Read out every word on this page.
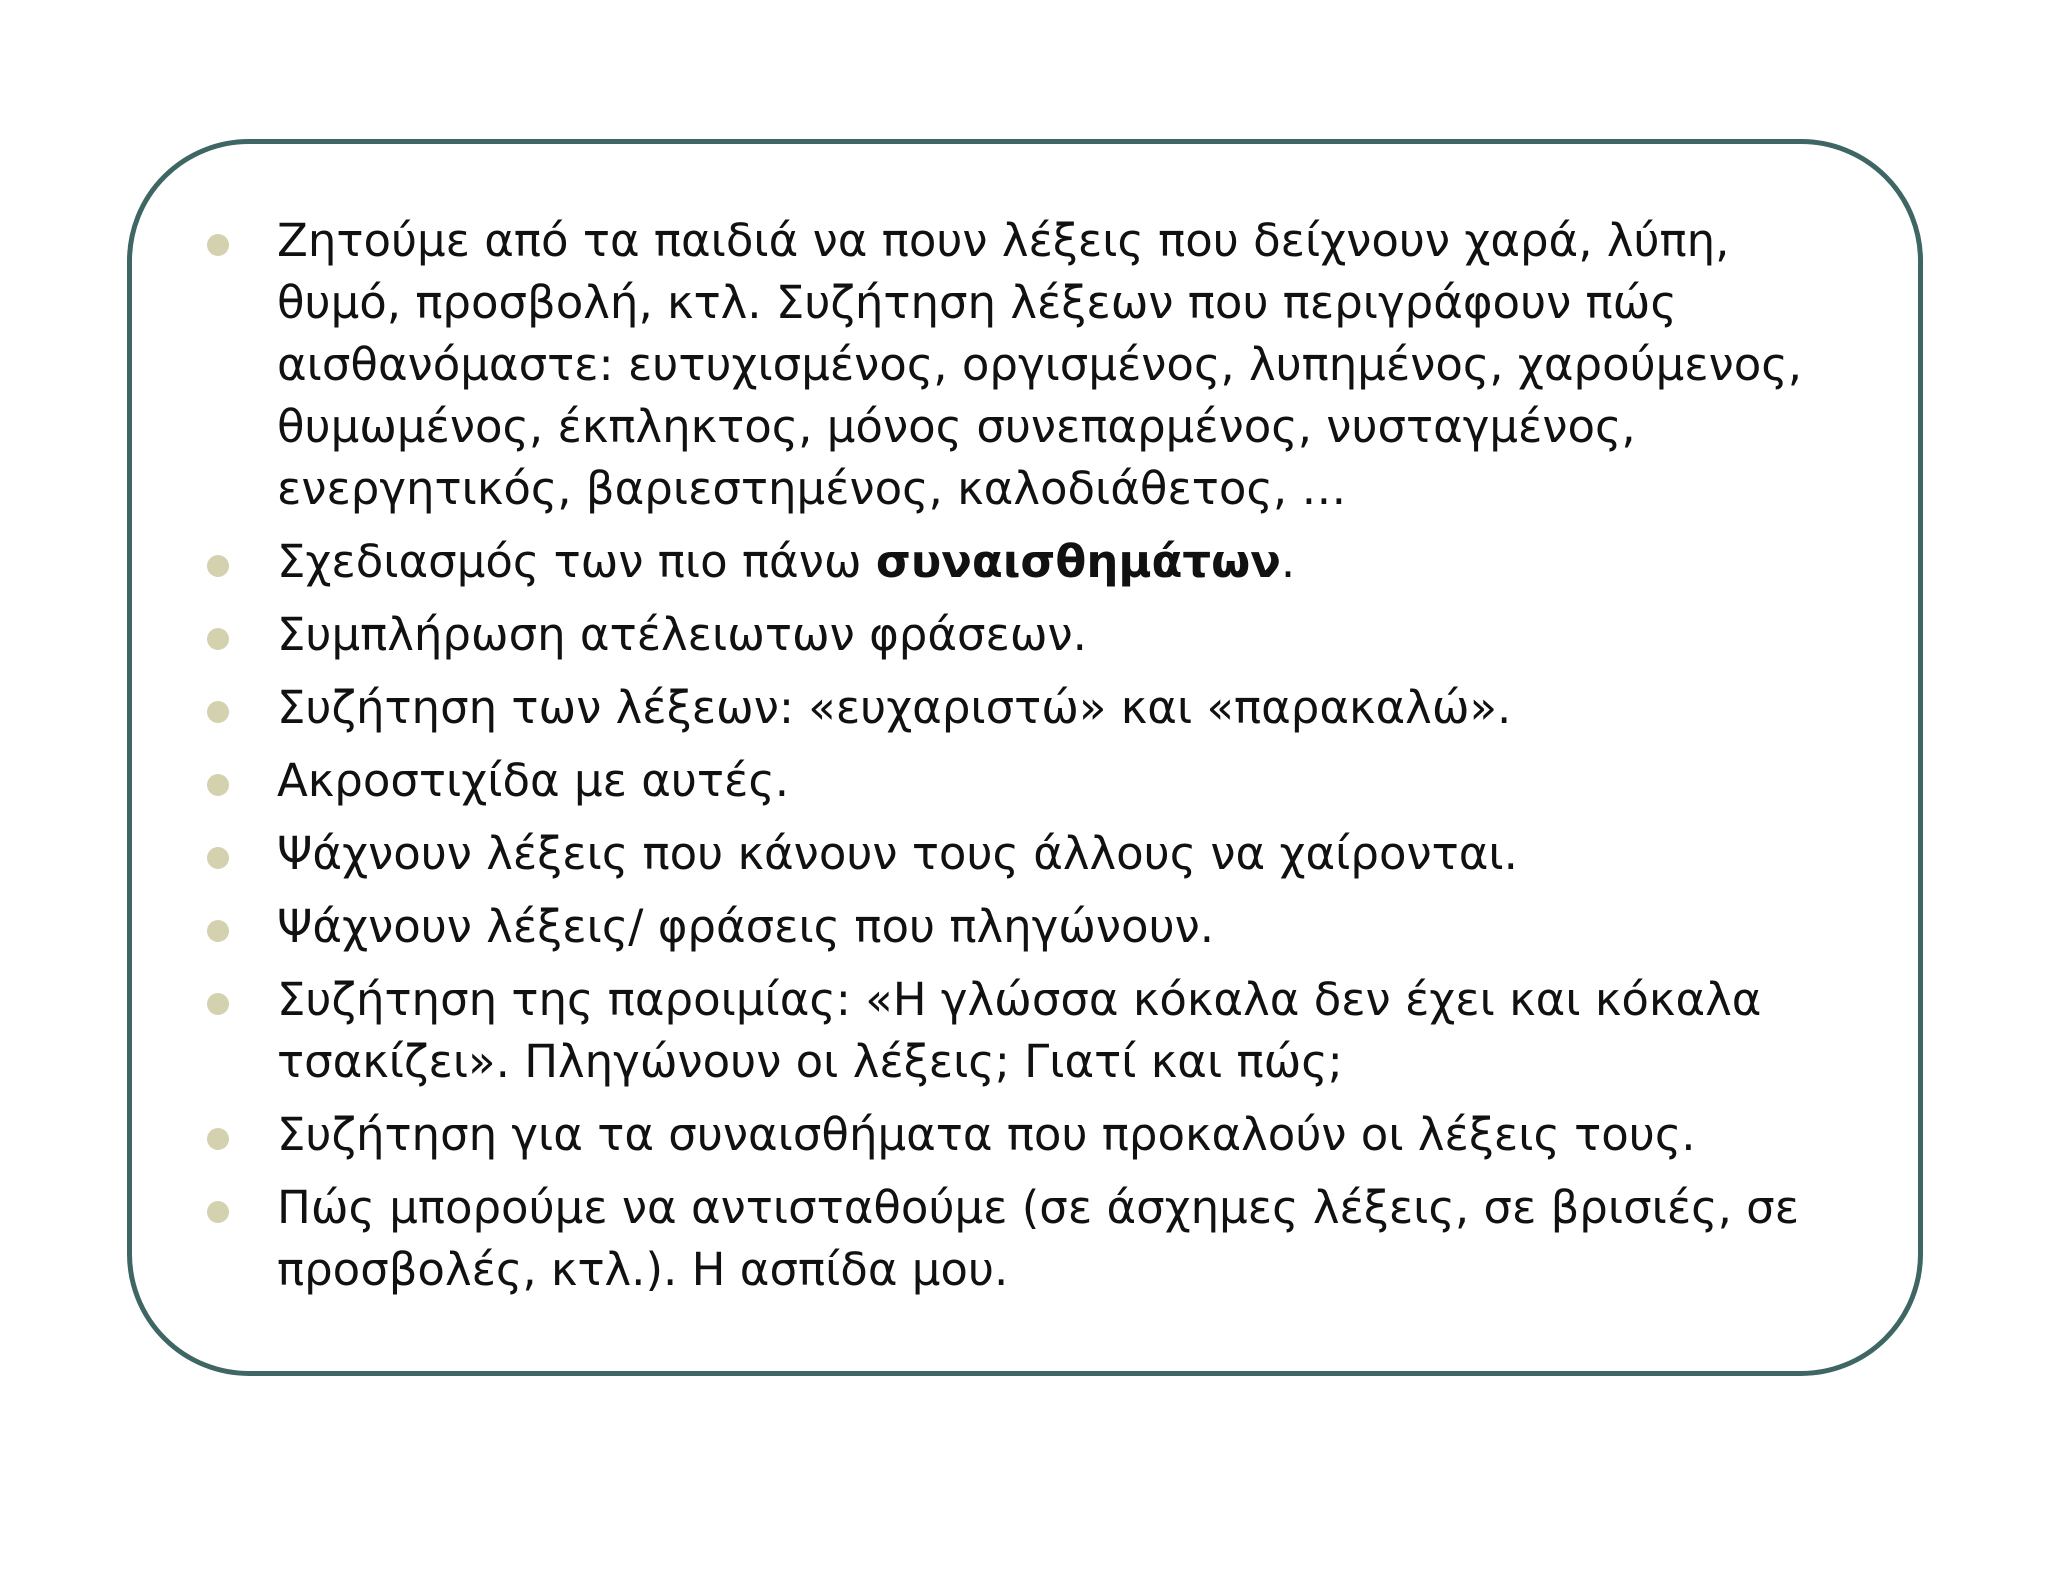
Ζητούμε από τα παιδιά να πουν λέξεις που δείχνουν χαρά, λύπη, θυμό, προσβολή, κτλ. Συζήτηση λέξεων που περιγράφουν πώς αισθανόμαστε: ευτυχισμένος, οργισμένος, λυπημένος, χαρούμενος, θυμωμένος, έκπληκτος, μόνος συνεπαρμένος, νυσταγμένος, ενεργητικός, βαριεστημένος, καλοδιάθετος, …
Σχεδιασμός των πιο πάνω συναισθημάτων.
Συμπλήρωση ατέλειωτων φράσεων.
Συζήτηση των λέξεων: «ευχαριστώ» και «παρακαλώ».
Ακροστιχίδα με αυτές.
Ψάχνουν λέξεις που κάνουν τους άλλους να χαίρονται.
Ψάχνουν λέξεις/ φράσεις που πληγώνουν.
Συζήτηση της παροιμίας: «Η γλώσσα κόκαλα δεν έχει και κόκαλα τσακίζει». Πληγώνουν οι λέξεις; Γιατί και πώς;
Συζήτηση για τα συναισθήματα που προκαλούν οι λέξεις τους.
Πώς μπορούμε να αντισταθούμε (σε άσχημες λέξεις, σε βρισιές, σε προσβολές, κτλ.). Η ασπίδα μου.
